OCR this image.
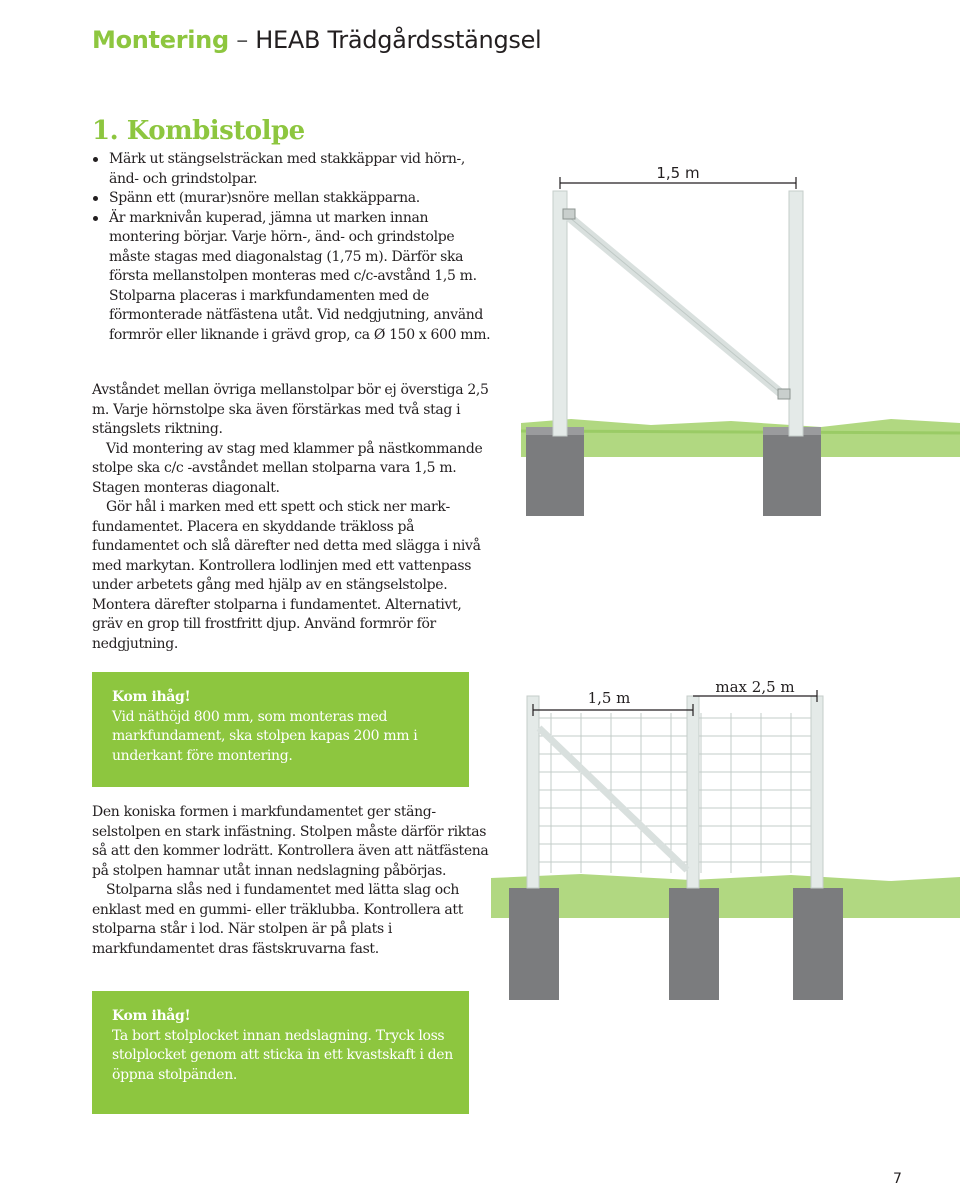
Montering – HEAB Trädgårdsstängsel
1. Kombistolpe
Märk ut stängselsträckan med stakkäppar vid hörn-, änd- och grindstolpar.
Spänn ett (murar)snöre mellan stakkäpparna.
Är marknivån kuperad, jämna ut marken innan montering börjar. Varje hörn-, änd- och grindstolpe måste stagas med diagonalstag (1,75 m). Därför ska första mellanstolpen monteras med c/c-avstånd 1,5 m. Stolparna placeras i markfundamenten med de förmonterade nätfästena utåt. Vid nedgjutning, använd formrör eller liknande i grävd grop, ca Ø 150 x 600 mm.

Avståndet mellan övriga mellanstolpar bör ej överstiga 2,5 m. Varje hörnstolpe ska även förstärkas med två stag i stängslets riktning.

Vid montering av stag med klammer på nästkommande stolpe ska c/c -avståndet mellan stolparna vara 1,5 m. Stagen monteras diagonalt.

Gör hål i marken med ett spett och stick ner markfundamentet. Placera en skyddande träkloss på fundamentet och slå därefter ned detta med slägga i nivå med markytan. Kontrollera lodlinjen med ett vattenpass under arbetets gång med hjälp av en stängselstolpe. Montera därefter stolparna i fundamentet. Alternativt, gräv en grop till frostfritt djup. Använd formrör för nedgjutning.

Kom ihåg!
Vid näthöjd 800 mm, som monteras med markfundament, ska stolpen kapas 200 mm i underkant före montering.

Den koniska formen i markfundamentet ger stängselstolpen en stark infästning. Stolpen måste därför riktas så att den kommer lodrätt. Kontrollera även att nätfästena på stolpen hamnar utåt innan nedslagning påbörjas.

Stolparna slås ned i fundamentet med lätta slag och enklast med en gummi- eller träklubba. Kontrollera att stolparna står i lod. När stolpen är på plats i markfundamentet dras fästskruvarna fast.

Kom ihåg!
Ta bort stolplocket innan nedslagning. Tryck loss stolplocket genom att sticka in ett kvastskaft i den öppna stolpänden.
1,5 m
1,5 m
max 2,5 m
7
